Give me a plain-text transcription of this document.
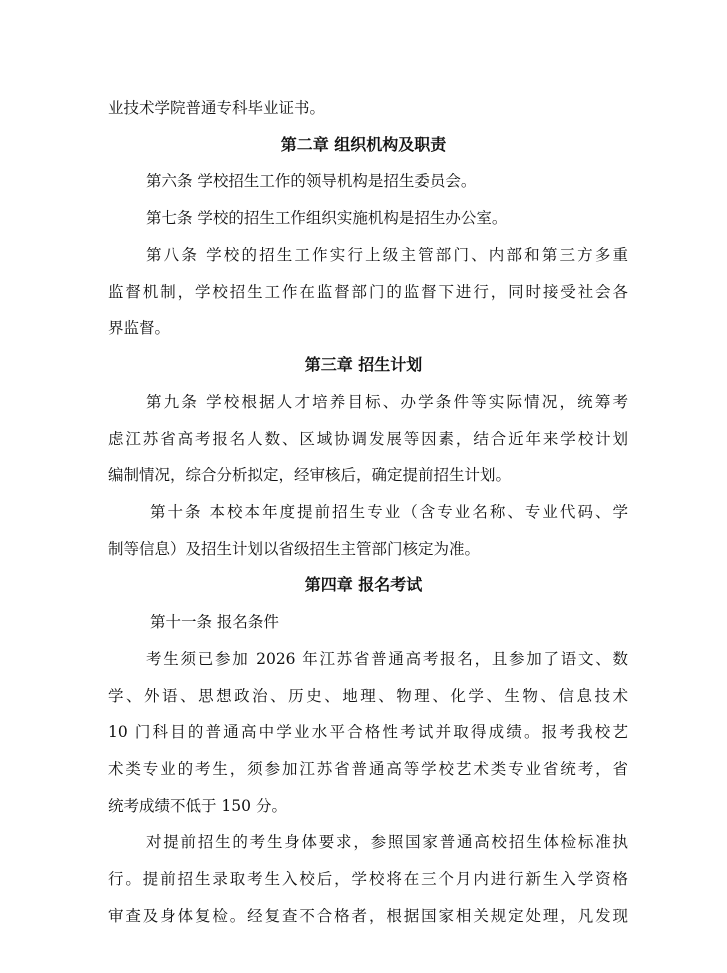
业技术学院普通专科毕业证书。
第二章 组织机构及职责
第六条 学校招生工作的领导机构是招生委员会。
第七条 学校的招生工作组织实施机构是招生办公室。
第八条 学校的招生工作实行上级主管部门、内部和第三方多重
监督机制，学校招生工作在监督部门的监督下进行，同时接受社会各
界监督。
第三章 招生计划
第九条 学校根据人才培养目标、办学条件等实际情况，统筹考
虑江苏省高考报名人数、区域协调发展等因素，结合近年来学校计划
编制情况，综合分析拟定，经审核后，确定提前招生计划。
第十条 本校本年度提前招生专业（含专业名称、专业代码、学
制等信息）及招生计划以省级招生主管部门核定为准。
第四章 报名考试
第十一条 报名条件
考生须已参加 2026 年江苏省普通高考报名，且参加了语文、数
学、外语、思想政治、历史、地理、物理、化学、生物、信息技术
10 门科目的普通高中学业水平合格性考试并取得成绩。报考我校艺
术类专业的考生，须参加江苏省普通高等学校艺术类专业省统考，省
统考成绩不低于 150 分。
对提前招生的考生身体要求，参照国家普通高校招生体检标准执
行。提前招生录取考生入校后，学校将在三个月内进行新生入学资格
审查及身体复检。经复查不合格者，根据国家相关规定处理，凡发现
